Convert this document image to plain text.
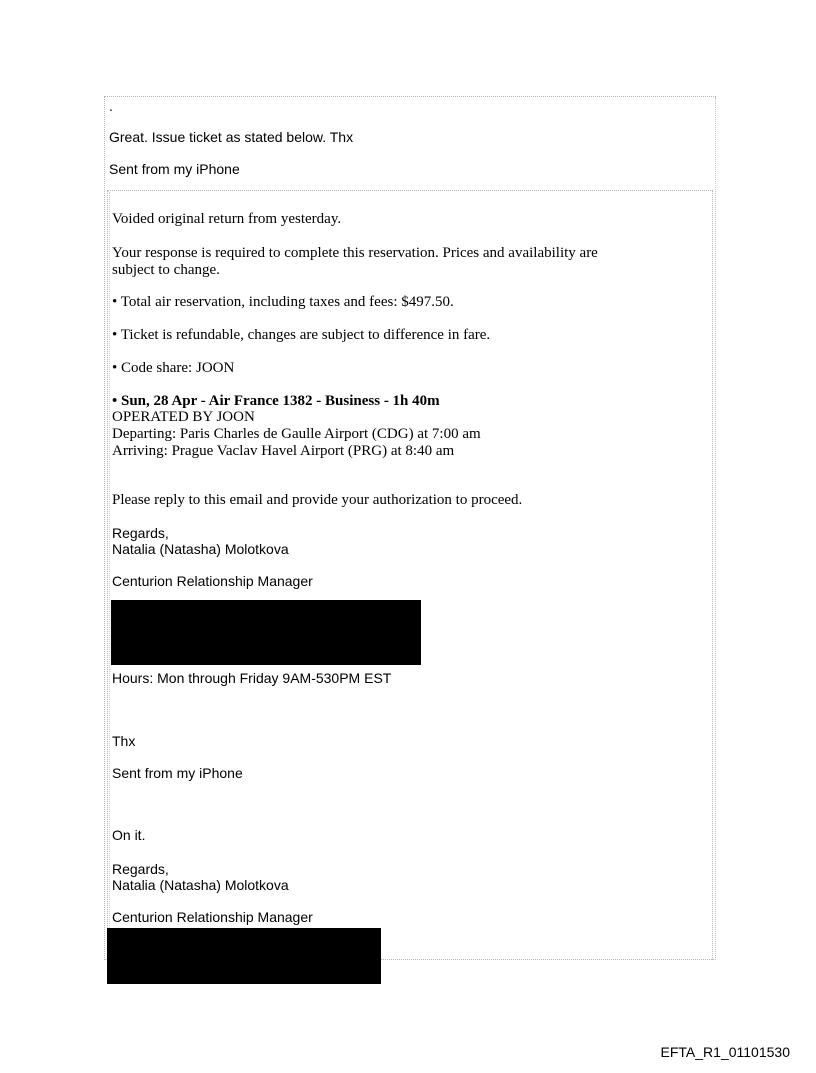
.
Great. Issue ticket as stated below. Thx
Sent from my iPhone
Voided original return from yesterday.
Your response is required to complete this reservation. Prices and availability are
subject to change.
• Total air reservation, including taxes and fees: $497.50.
• Ticket is refundable, changes are subject to difference in fare.
• Code share: JOON
• Sun, 28 Apr - Air France 1382 - Business - 1h 40m
OPERATED BY JOON
Departing: Paris Charles de Gaulle Airport (CDG) at 7:00 am
Arriving: Prague Vaclav Havel Airport (PRG) at 8:40 am
Please reply to this email and provide your authorization to proceed.
Regards,
Natalia (Natasha) Molotkova
Centurion Relationship Manager
Hours: Mon through Friday 9AM-530PM EST
Thx
Sent from my iPhone
On it.
Regards,
Natalia (Natasha) Molotkova
Centurion Relationship Manager
EFTA_R1_01101530
